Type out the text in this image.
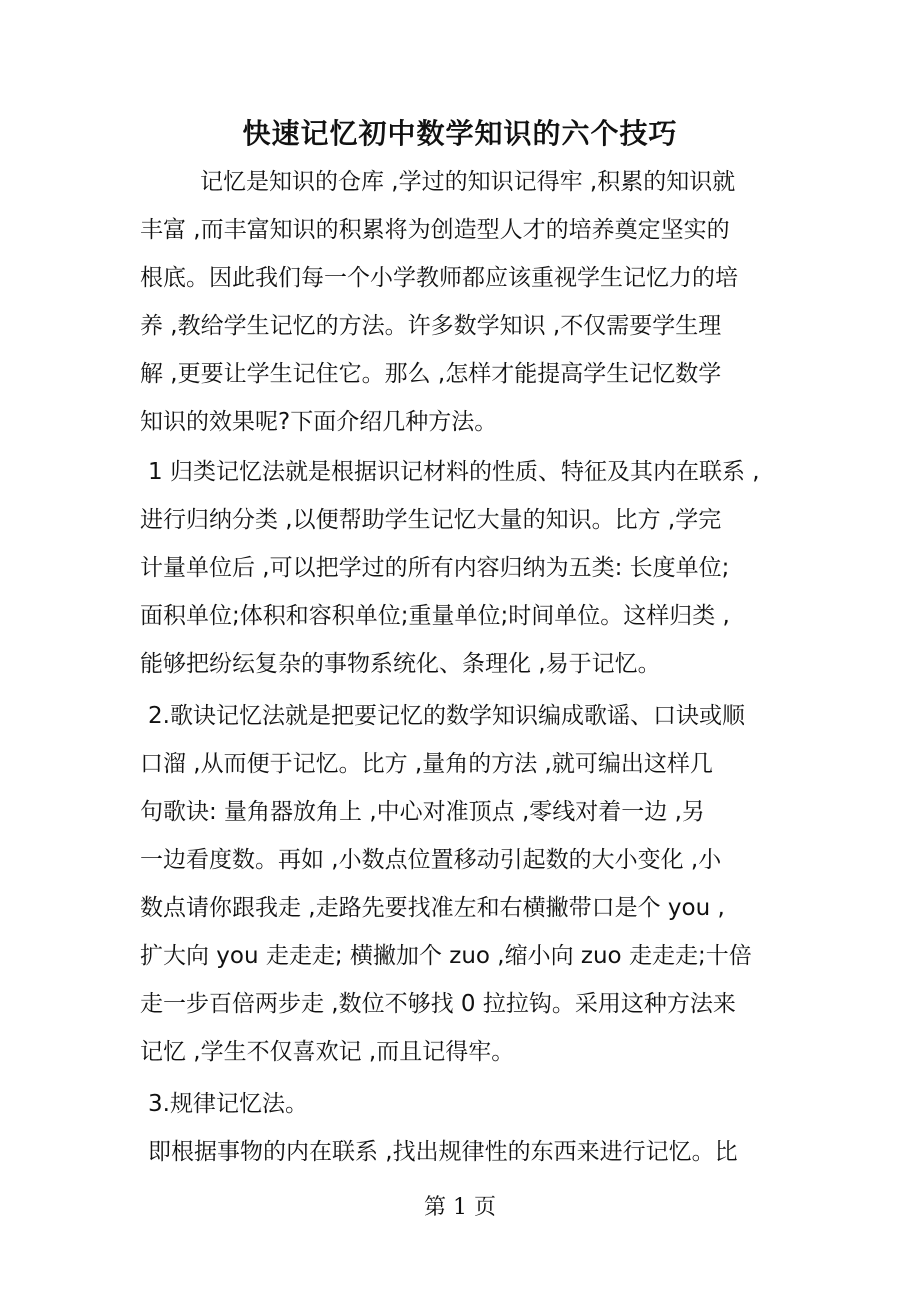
快速记忆初中数学知识的六个技巧

记忆是知识的仓库 ,学过的知识记得牢 ,积累的知识就

丰富 ,而丰富知识的积累将为创造型人才的培养奠定坚实的

根底。因此我们每一个小学教师都应该重视学生记忆力的培

养 ,教给学生记忆的方法。许多数学知识 ,不仅需要学生理

解 ,更要让学生记住它。那么 ,怎样才能提高学生记忆数学

知识的效果呢?下面介绍几种方法。

1 归类记忆法就是根据识记材料的性质、特征及其内在联系 ,

进行归纳分类 ,以便帮助学生记忆大量的知识。比方 ,学完

计量单位后 ,可以把学过的所有内容归纳为五类: 长度单位;

面积单位;体积和容积单位;重量单位;时间单位。这样归类 ,

能够把纷纭复杂的事物系统化、条理化 ,易于记忆。

2.歌诀记忆法就是把要记忆的数学知识编成歌谣、口诀或顺

口溜 ,从而便于记忆。比方 ,量角的方法 ,就可编出这样几

句歌诀: 量角器放角上 ,中心对准顶点 ,零线对着一边 ,另

一边看度数。再如 ,小数点位置移动引起数的大小变化 ,小

数点请你跟我走 ,走路先要找准左和右横撇带口是个 you ,

扩大向 you 走走走; 横撇加个 zuo ,缩小向 zuo 走走走;十倍

走一步百倍两步走 ,数位不够找 0 拉拉钩。采用这种方法来

记忆 ,学生不仅喜欢记 ,而且记得牢。

3.规律记忆法。

即根据事物的内在联系 ,找出规律性的东西来进行记忆。比

第 1 页
